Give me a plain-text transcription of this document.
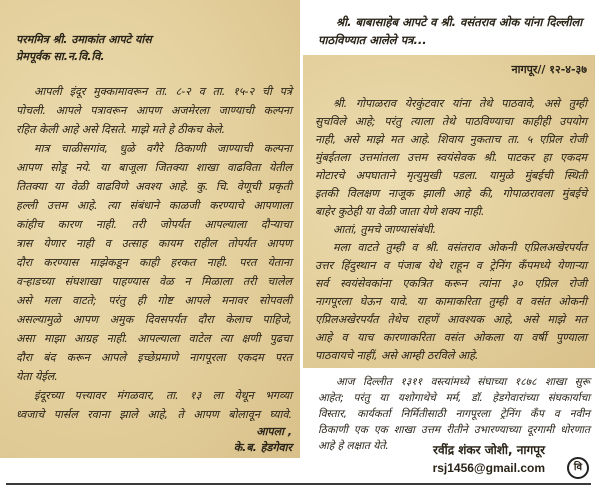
परममित्र श्री. उमाकांत आपटे यांस
प्रेमपूर्वक सा.न.वि.वि.
आपली इंदूर मुक्कामावरून ता. ८-२ व ता. १५-२ ची पत्रे
पोचली. आपले पत्रावरून आपण अजमेरला जाण्याची कल्पना
रहित केली आहे असे दिसते. माझे मते हे ठीकच केले.
मात्र चाळीसगांव, धुळे वगैरे ठिकाणी जाण्याची कल्पना
आपण सोडू नये. या बाजूला जितक्या शाखा वाढविता येतील
तितक्या या वेळी वाढविणे अवश्य आहे. कु. चि. वेणूची प्रकृती
हल्ली उत्तम आहे. त्या संबंधाने काळजी करण्याचे आपणाला
कांहीच कारण नाही. तरी जोपर्यंत आपल्याला दौऱ्याचा
त्रास येणार नाही व उत्साह कायम राहील तोपर्यंत आपण
दौरा करण्यास माझेकडून काही हरकत नाही. परत येताना
वऱ्हाडच्या संघशाखा पाहण्यास वेळ न मिळाला तरी चालेल
असे मला वाटते; परंतु ही गोष्ट आपले मनावर सोपवली
असल्यामुळे आपण अमुक दिवसपर्यंत दौरा केलाच पाहिजे,
असा माझा आग्रह नाही. आपल्याला वाटेल त्या क्षणी पुढचा
दौरा बंद करून आपले इच्छेप्रमाणे नागपूरला एकदम परत
येता येईल.
इंदूरच्या पत्त्यावर मंगळवार, ता. १३ ला येथून भगव्या
ध्वजाचे पार्सल रवाना झाले आहे, ते आपण बोलावून घ्यावे.
आपला ,
के.ब. हेडगेवार
श्री. बाबासाहेब आपटे व श्री. वसंतराव ओक यांना दिल्लीला
पाठविण्यात आलेले पत्र...
नागपूर// १२-४-३७
श्री. गोपाळराव येरकुंटवार यांना तेथे पाठवावे, असे तुम्ही
सुचविले आहे; परंतु त्याला तेथे पाठविण्याचा काहीही उपयोग
नाही, असे माझे मत आहे. शिवाय नुकताच ता. ५ एप्रिल रोजी
मुंबईतला उत्तमांतला उत्तम स्वयंसेवक श्री. पाटकर हा एकदम
मोटारचे अपघाताने मृत्युमुखी पडला. यामुळे मुंबईची स्थिती
इतकी विलक्षण नाजूक झाली आहे की, गोपाळरावला मुंबईचे
बाहेर कुठेही या वेळी जाता येणे शक्य नाही.
आतां, तुमचे जाण्यासंबंधी.
मला वाटते तुम्ही व श्री. वसंतराव ओकनी एप्रिलअखेरपर्यंत
उत्तर हिंदुस्थान व पंजाब येथे राहून व ट्रेनिंग कँपमध्ये येणाऱ्या
सर्व स्वयंसेवकांना एकत्रित करून त्यांना ३० एप्रिल रोजी
नागपूरला घेऊन यावे. या कामाकरिता तुम्ही व वसंत ओकनी
एप्रिलअखेरपर्यंत तेथेच राहणें आवश्यक आहे, असे माझे मत
आहे व याच कारणाकरिता वसंत ओकला या वर्षी पुण्याला
पाठवायचे नाहीं, असे आम्ही ठरविले आहे.
आज दिल्लीत १३११ वस्त्यांमध्ये संघाच्या १८७८ शाखा सुरू
आहेत; परंतु या यशोगाथेचे मर्म, डॉ. हेडगेवारांच्या संघकार्याचा
विस्तार, कार्यकर्ता निर्मितीसाठी नागपूरला ट्रेनिंग कँप व नवीन
ठिकाणी एक एक शाखा उत्तम रीतीने उभारण्याच्या दूरगामी धोरणात
आहे हे लक्षात येते.	रवींद्र शंकर जोशी, नागपूर
rsj1456@gmail.com	वि
